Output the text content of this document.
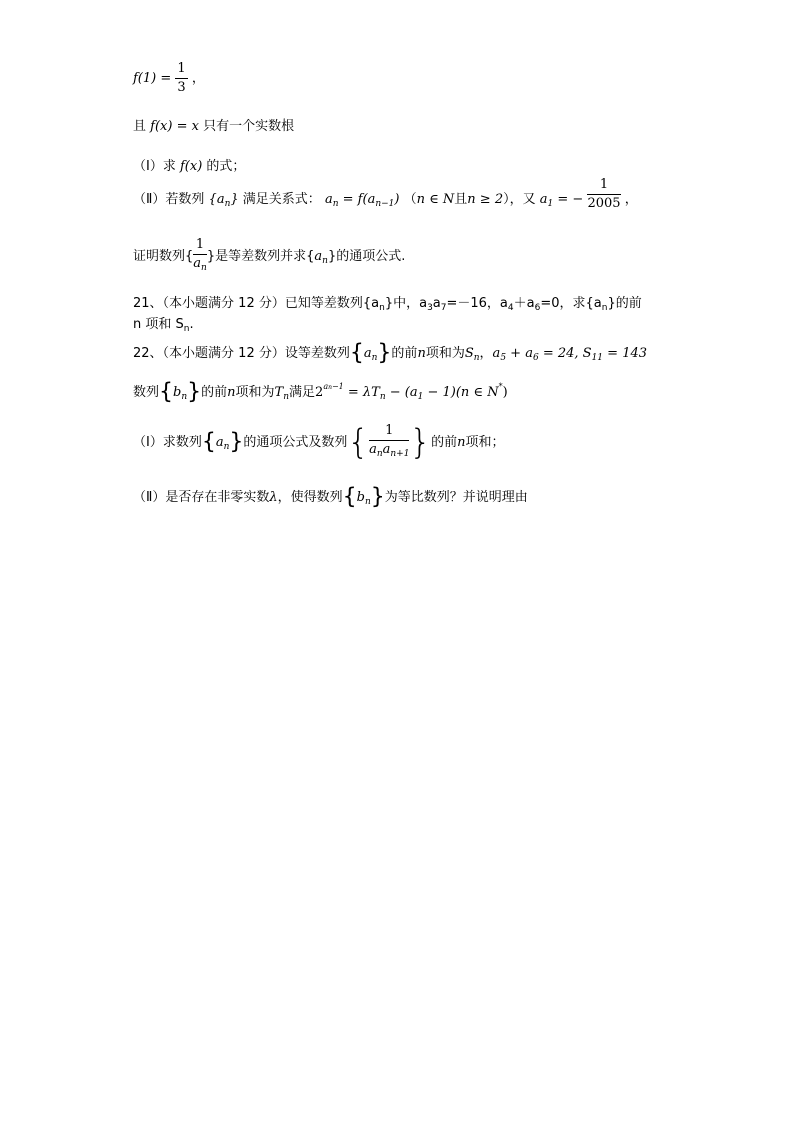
$f(1) = \frac{1}{3}$ ，
且 f(x) = x 只有一个实数根
（Ⅰ）求 f(x) 的式；
（Ⅱ）若数列 $\{a_n\}$ 满足关系式： $a_n = f(a_{n-1})$ （n ∈ N且n ≥ 2），又 $a_1$ = − $\frac{1}{2005}$ ，
证明数列{ $\frac{1}{a_n}$ }是等差数列并求$\{a_n\}$的通项公式.
21、（本小题满分 12 分）已知等差数列$\{a_n\}$中，$a_3a_7=-16$，$a_4+a_6=0$，求$\{a_n\}$的前
n 项和 $S_n$.
22、（本小题满分 12 分）设等差数列$\{a_n\}$的前n项和为$S_n$，$a_5 + a_6 = 24$, $S_{11} = 143$
数列$\{b_n\}$的前n项和为$T_n$满足$2^{an-1} = \lambda T_n - (a_1 - 1)(n$ ∈ N*)
（Ⅰ）求数列$\{a_n\}$的通项公式及数列{ $\frac{1}{a_na_{n+1}}$ }的前n项和；
（Ⅱ）是否存在非零实数λ，使得数列$\{b_n\}$为等比数列？并说明理由
